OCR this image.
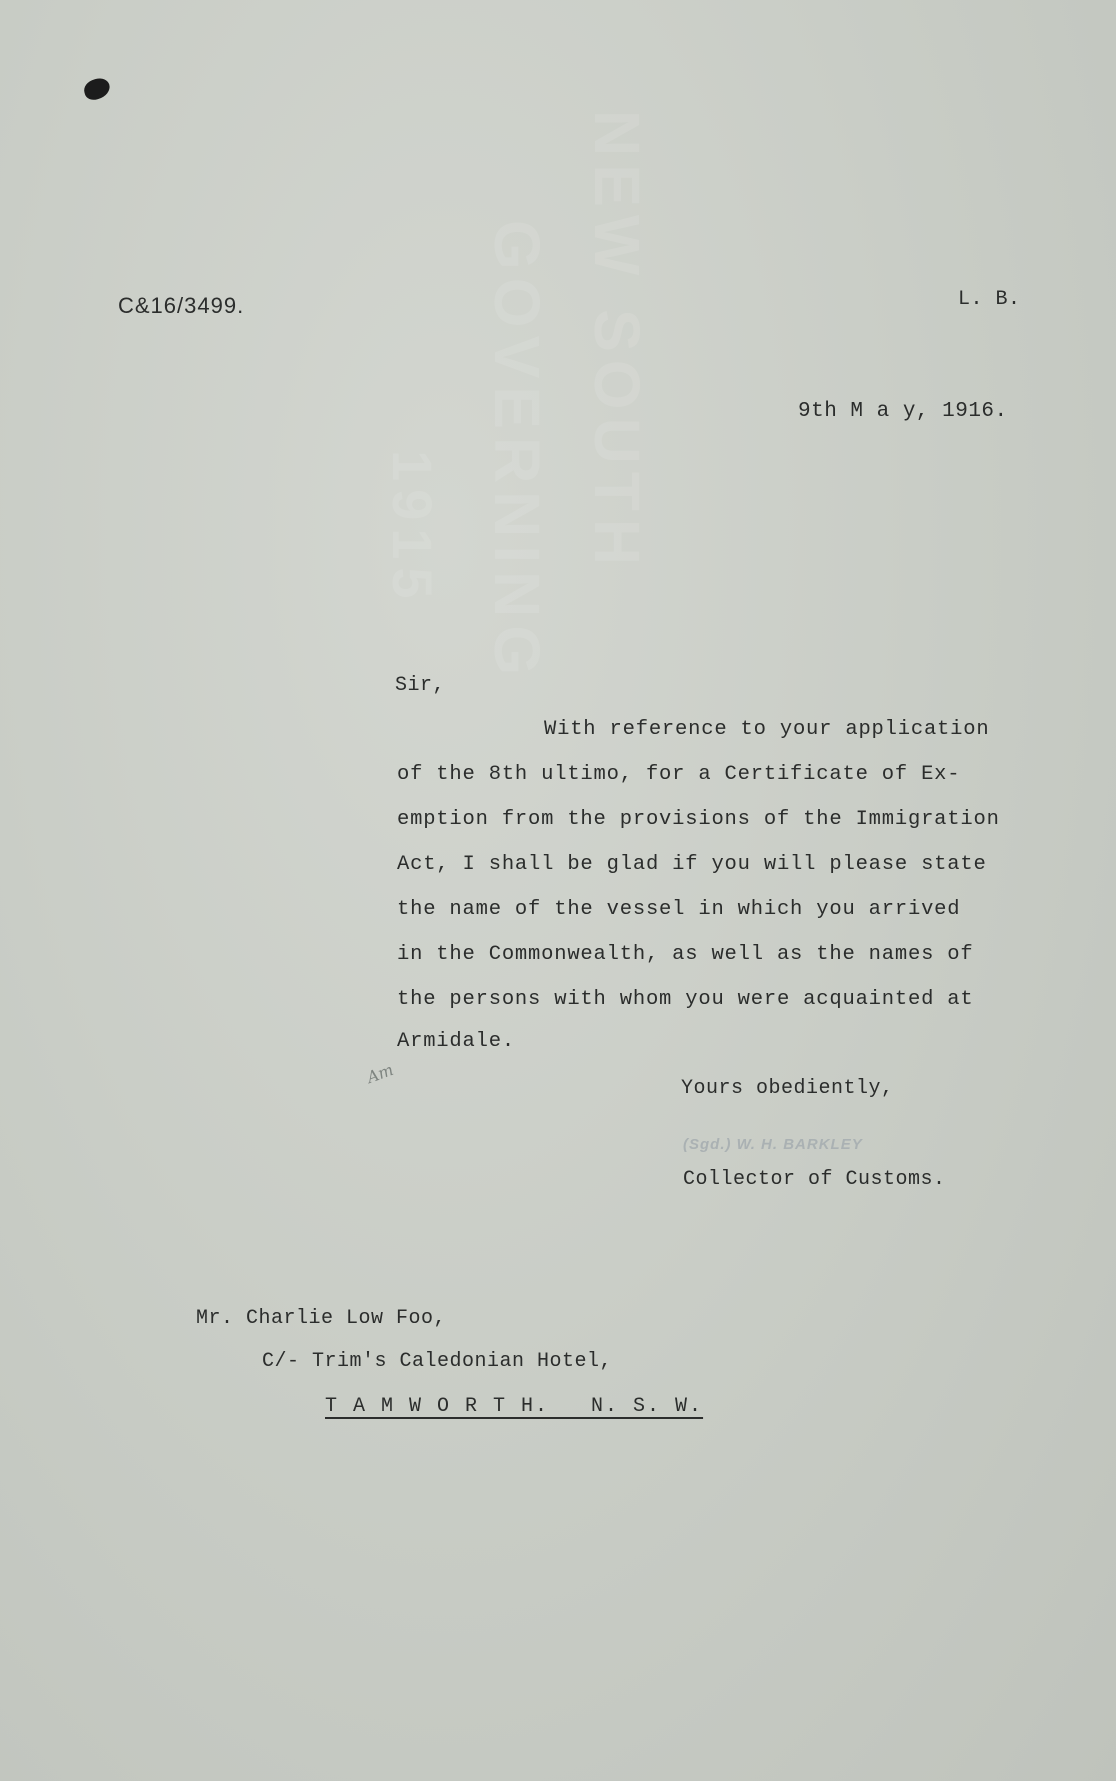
NEW SOUTH
GOVERNING
1915
C&16/3499.	L. B.
9th M a y, 1916.
Sir,
With reference to your application
of the 8th ultimo, for a Certificate of Ex-
emption from the provisions of the Immigration
Act, I shall be glad if you will please state
the name of the vessel in which you arrived
in the Commonwealth, as well as the names of
the persons with whom you were acquainted at
Armidale.
Am
Yours obediently,
(Sgd.) W. H. BARKLEY
Collector of Customs.
Mr. Charlie Low Foo,
C/- Trim's Caledonian Hotel,
T A M W O R T H.   N. S. W.
